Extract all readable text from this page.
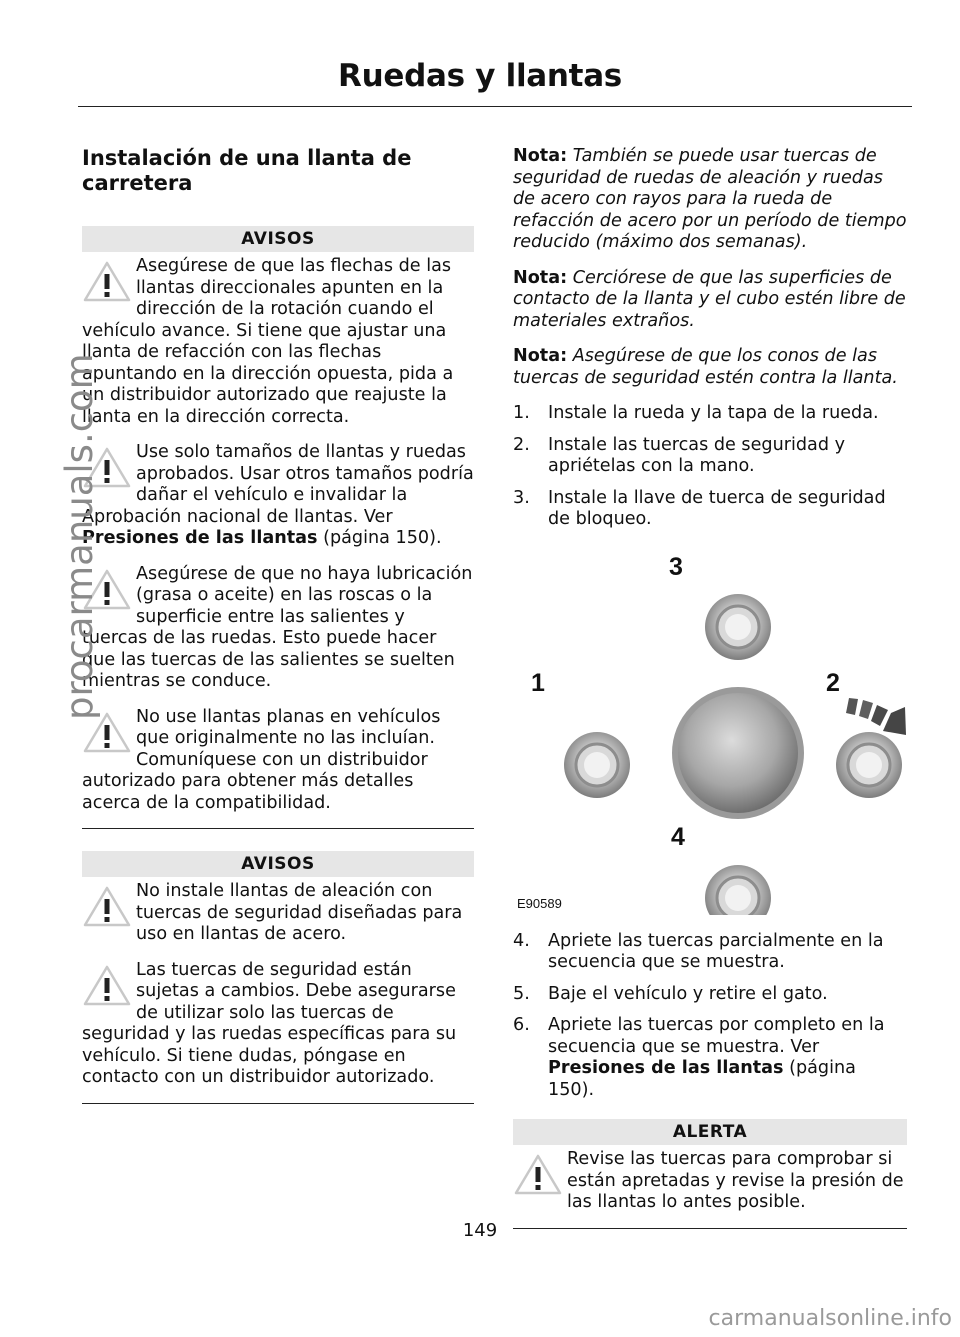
Ruedas y llantas
Instalación de una llanta de carretera
AVISOS
Asegúrese de que las flechas de las llantas direccionales apunten en la dirección de la rotación cuando el vehículo avance. Si tiene que ajustar una llanta de refacción con las flechas apuntando en la dirección opuesta, pida a un distribuidor autorizado que reajuste la llanta en la dirección correcta.
Use solo tamaños de llantas y ruedas aprobados. Usar otros tamaños podría dañar el vehículo e invalidar la Aprobación nacional de llantas. Ver Presiones de las llantas (página 150).
Asegúrese de que no haya lubricación (grasa o aceite) en las roscas o la superficie entre las salientes y tuercas de las ruedas. Esto puede hacer que las tuercas de las salientes se suelten mientras se conduce.
No use llantas planas en vehículos que originalmente no las incluían. Comuníquese con un distribuidor autorizado para obtener más detalles acerca de la compatibilidad.
AVISOS
No instale llantas de aleación con tuercas de seguridad diseñadas para uso en llantas de acero.
Las tuercas de seguridad están sujetas a cambios. Debe asegurarse de utilizar solo las tuercas de seguridad y las ruedas específicas para su vehículo. Si tiene dudas, póngase en contacto con un distribuidor autorizado.

Nota: También se puede usar tuercas de seguridad de ruedas de aleación y ruedas de acero con rayos para la rueda de refacción de acero por un período de tiempo reducido (máximo dos semanas).

Nota: Cerciórese de que las superficies de contacto de la llanta y el cubo estén libre de materiales extraños.

Nota: Asegúrese de que los conos de las tuercas de seguridad estén contra la llanta.

1. Instale la rueda y la tapa de la rueda.
2. Instale las tuercas de seguridad y apriételas con la mano.
3. Instale la llave de tuerca de seguridad de bloqueo.
3
1	2
4
E90589
4. Apriete las tuercas parcialmente en la secuencia que se muestra.
5. Baje el vehículo y retire el gato.
6. Apriete las tuercas por completo en la secuencia que se muestra. Ver Presiones de las llantas (página 150).
ALERTA
Revise las tuercas para comprobar si están apretadas y revise la presión de las llantas lo antes posible.
149
procarmanuals.com
carmanualsonline.info
